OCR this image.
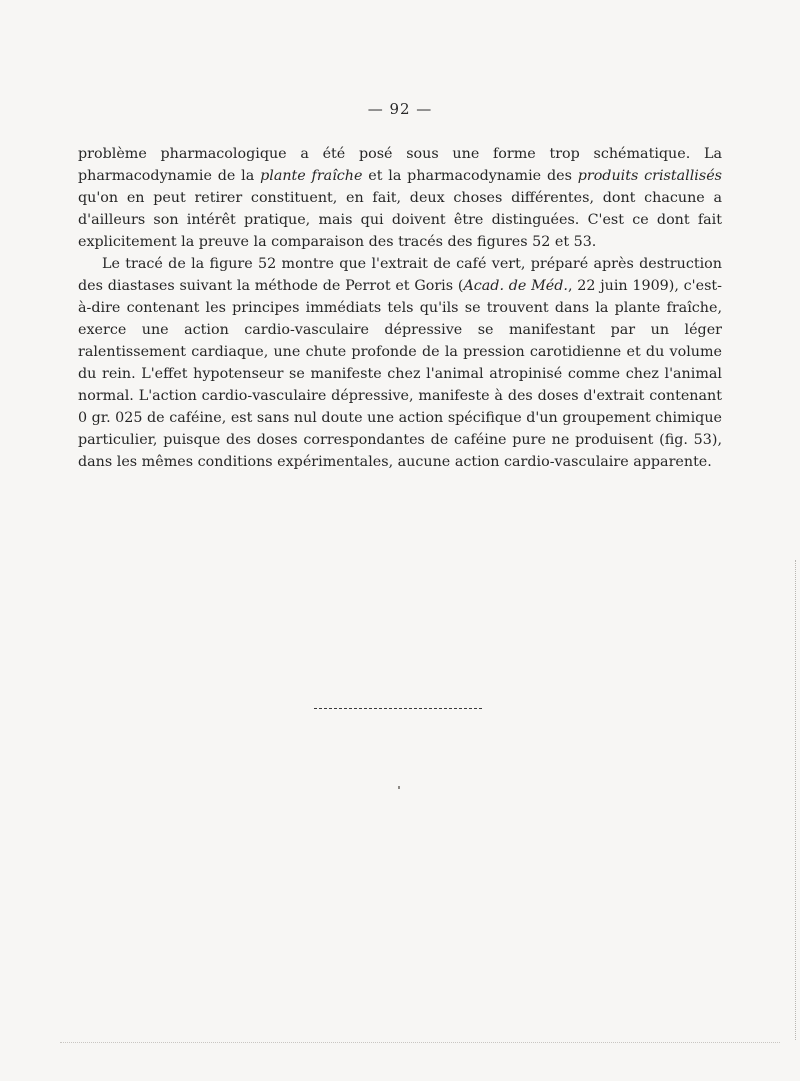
— 92 —

problème pharmacologique a été posé sous une forme trop schématique. La pharmacodynamie de la plante fraîche et la pharmacodynamie des produits cristallisés qu'on en peut retirer constituent, en fait, deux choses différentes, dont chacune a d'ailleurs son intérêt pratique, mais qui doivent être distinguées. C'est ce dont fait explicitement la preuve la comparaison des tracés des figures 52 et 53.

Le tracé de la figure 52 montre que l'extrait de café vert, préparé après destruction des diastases suivant la méthode de Perrot et Goris (Acad. de Méd., 22 juin 1909), c'est-à-dire contenant les principes immédiats tels qu'ils se trouvent dans la plante fraîche, exerce une action cardio-vasculaire dépressive se manifestant par un léger ralentissement cardiaque, une chute profonde de la pression carotidienne et du volume du rein. L'effet hypotenseur se manifeste chez l'animal atropinisé comme chez l'animal normal. L'action cardio-vasculaire dépressive, manifeste à des doses d'extrait contenant 0 gr. 025 de caféine, est sans nul doute une action spécifique d'un groupement chimique particulier, puisque des doses correspondantes de caféine pure ne produisent (fig. 53), dans les mêmes conditions expérimentales, aucune action cardio-vasculaire apparente.
